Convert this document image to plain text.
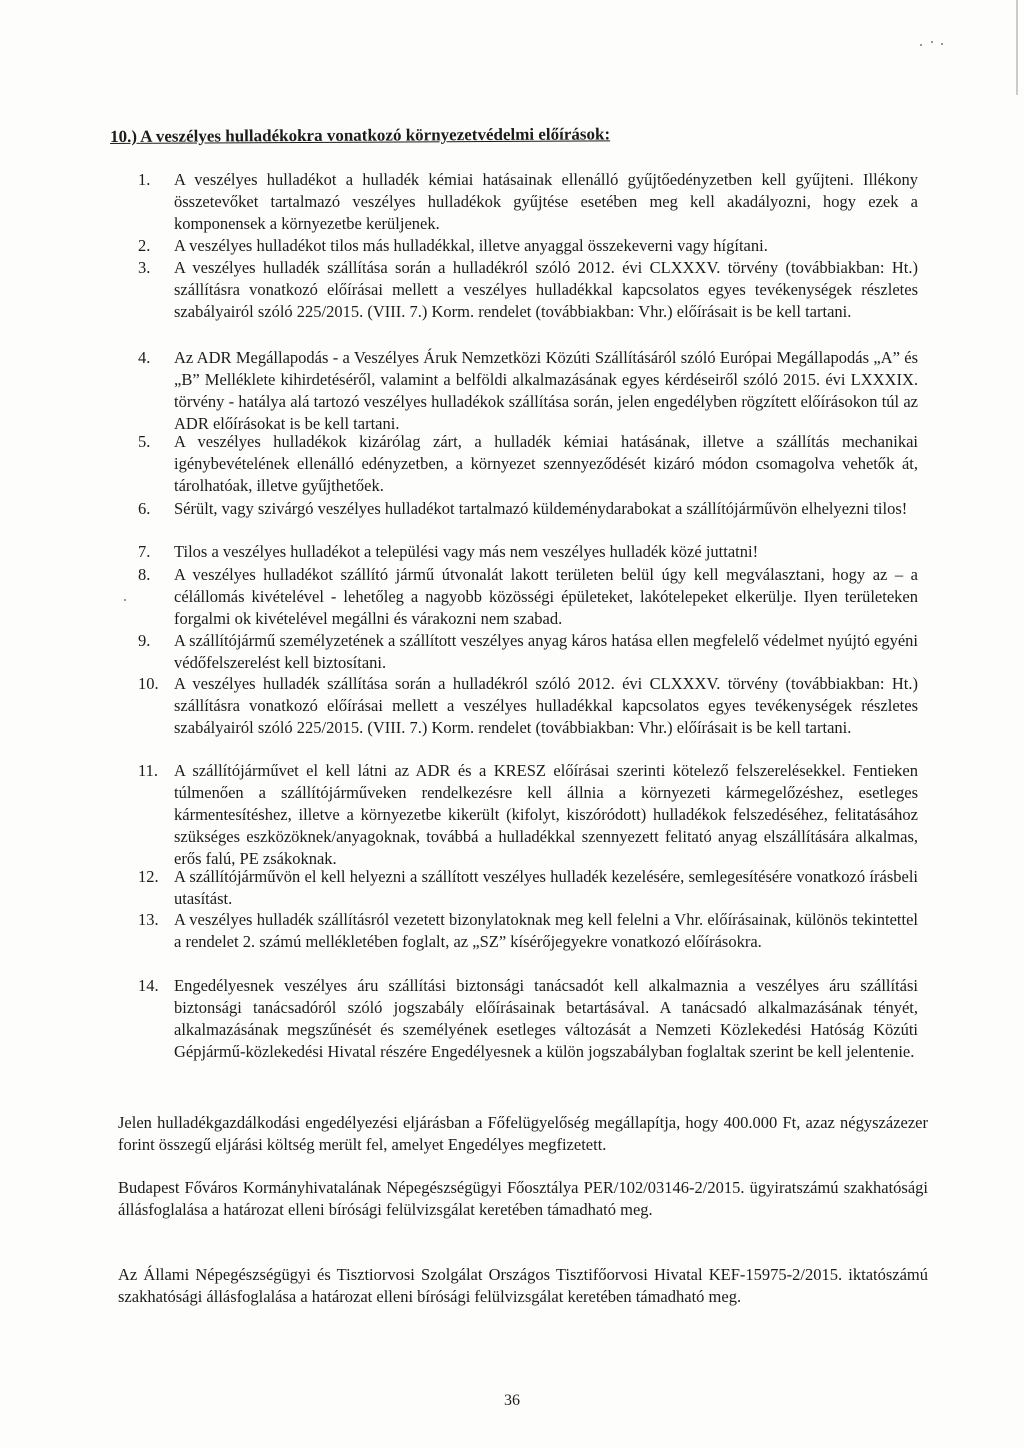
10.) A veszélyes hulladékokra vonatkozó környezetvédelmi előírások:
1.	A veszélyes hulladékot a hulladék kémiai hatásainak ellenálló gyűjtőedényzetben kell gyűjteni. Illékony összetevőket tartalmazó veszélyes hulladékok gyűjtése esetében meg kell akadályozni, hogy ezek a komponensek a környezetbe kerüljenek.
2.	A veszélyes hulladékot tilos más hulladékkal, illetve anyaggal összekeverni vagy hígítani.
3.	A veszélyes hulladék szállítása során a hulladékról szóló 2012. évi CLXXXV. törvény (továbbiakban: Ht.) szállításra vonatkozó előírásai mellett a veszélyes hulladékkal kapcsolatos egyes tevékenységek részletes szabályairól szóló 225/2015. (VIII. 7.) Korm. rendelet (továbbiakban: Vhr.) előírásait is be kell tartani.
4.	Az ADR Megállapodás - a Veszélyes Áruk Nemzetközi Közúti Szállításáról szóló Európai Megállapodás „A” és „B” Melléklete kihirdetéséről, valamint a belföldi alkalmazásának egyes kérdéseiről szóló 2015. évi LXXXIX. törvény - hatálya alá tartozó veszélyes hulladékok szállítása során, jelen engedélyben rögzített előírásokon túl az ADR előírásokat is be kell tartani.
5.	A veszélyes hulladékok kizárólag zárt, a hulladék kémiai hatásának, illetve a szállítás mechanikai igénybevételének ellenálló edényzetben, a környezet szennyeződését kizáró módon csomagolva vehetők át, tárolhatóak, illetve gyűjthetőek.
6.	Sérült, vagy szivárgó veszélyes hulladékot tartalmazó küldeménydarabokat a szállítójárművön elhelyezni tilos!
7.	Tilos a veszélyes hulladékot a települési vagy más nem veszélyes hulladék közé juttatni!
8.	A veszélyes hulladékot szállító jármű útvonalát lakott területen belül úgy kell megválasztani, hogy az – a célállomás kivételével - lehetőleg a nagyobb közösségi épületeket, lakótelepeket elkerülje. Ilyen területeken forgalmi ok kivételével megállni és várakozni nem szabad.
9.	A szállítójármű személyzetének a szállított veszélyes anyag káros hatása ellen megfelelő védelmet nyújtó egyéni védőfelszerelést kell biztosítani.
10. A veszélyes hulladék szállítása során a hulladékról szóló 2012. évi CLXXXV. törvény (továbbiakban: Ht.) szállításra vonatkozó előírásai mellett a veszélyes hulladékkal kapcsolatos egyes tevékenységek részletes szabályairól szóló 225/2015. (VIII. 7.) Korm. rendelet (továbbiakban: Vhr.) előírásait is be kell tartani.
11. A szállítójárművet el kell látni az ADR és a KRESZ előírásai szerinti kötelező felszerelésekkel. Fentieken túlmenően a szállítójárműveken rendelkezésre kell állnia a környezeti kármegelőzéshez, esetleges kármentesítéshez, illetve a környezetbe kikerült (kifolyt, kiszóródott) hulladékok felszedéséhez, felitatásához szükséges eszközöknek/anyagoknak, továbbá a hulladékkal szennyezett felitató anyag elszállítására alkalmas, erős falú, PE zsákoknak.
12. A szállítójárművön el kell helyezni a szállított veszélyes hulladék kezelésére, semlegesítésére vonatkozó írásbeli utasítást.
13. A veszélyes hulladék szállításról vezetett bizonylatoknak meg kell felelni a Vhr. előírásainak, különös tekintettel a rendelet 2. számú mellékletében foglalt, az „SZ” kísérőjegyekre vonatkozó előírásokra.
14. Engedélyesnek veszélyes áru szállítási biztonsági tanácsadót kell alkalmaznia a veszélyes áru szállítási biztonsági tanácsadóról szóló jogszabály előírásainak betartásával. A tanácsadó alkalmazásának tényét, alkalmazásának megszűnését és személyének esetleges változását a Nemzeti Közlekedési Hatóság Közúti Gépjármű-közlekedési Hivatal részére Engedélyesnek a külön jogszabályban foglaltak szerint be kell jelentenie.
Jelen hulladékgazdálkodási engedélyezési eljárásban a Főfelügyelőség megállapítja, hogy 400.000 Ft, azaz négyszázezer forint összegű eljárási költség merült fel, amelyet Engedélyes megfizetett.
Budapest Főváros Kormányhivatalának Népegészségügyi Főosztálya PER/102/03146-2/2015. ügyiratszámú szakhatósági állásfoglalása a határozat elleni bírósági felülvizsgálat keretében támadható meg.
Az Állami Népegészségügyi és Tisztiorvosi Szolgálat Országos Tisztifőorvosi Hivatal KEF-15975-2/2015. iktatószámú szakhatósági állásfoglalása a határozat elleni bírósági felülvizsgálat keretében támadható meg.
36
